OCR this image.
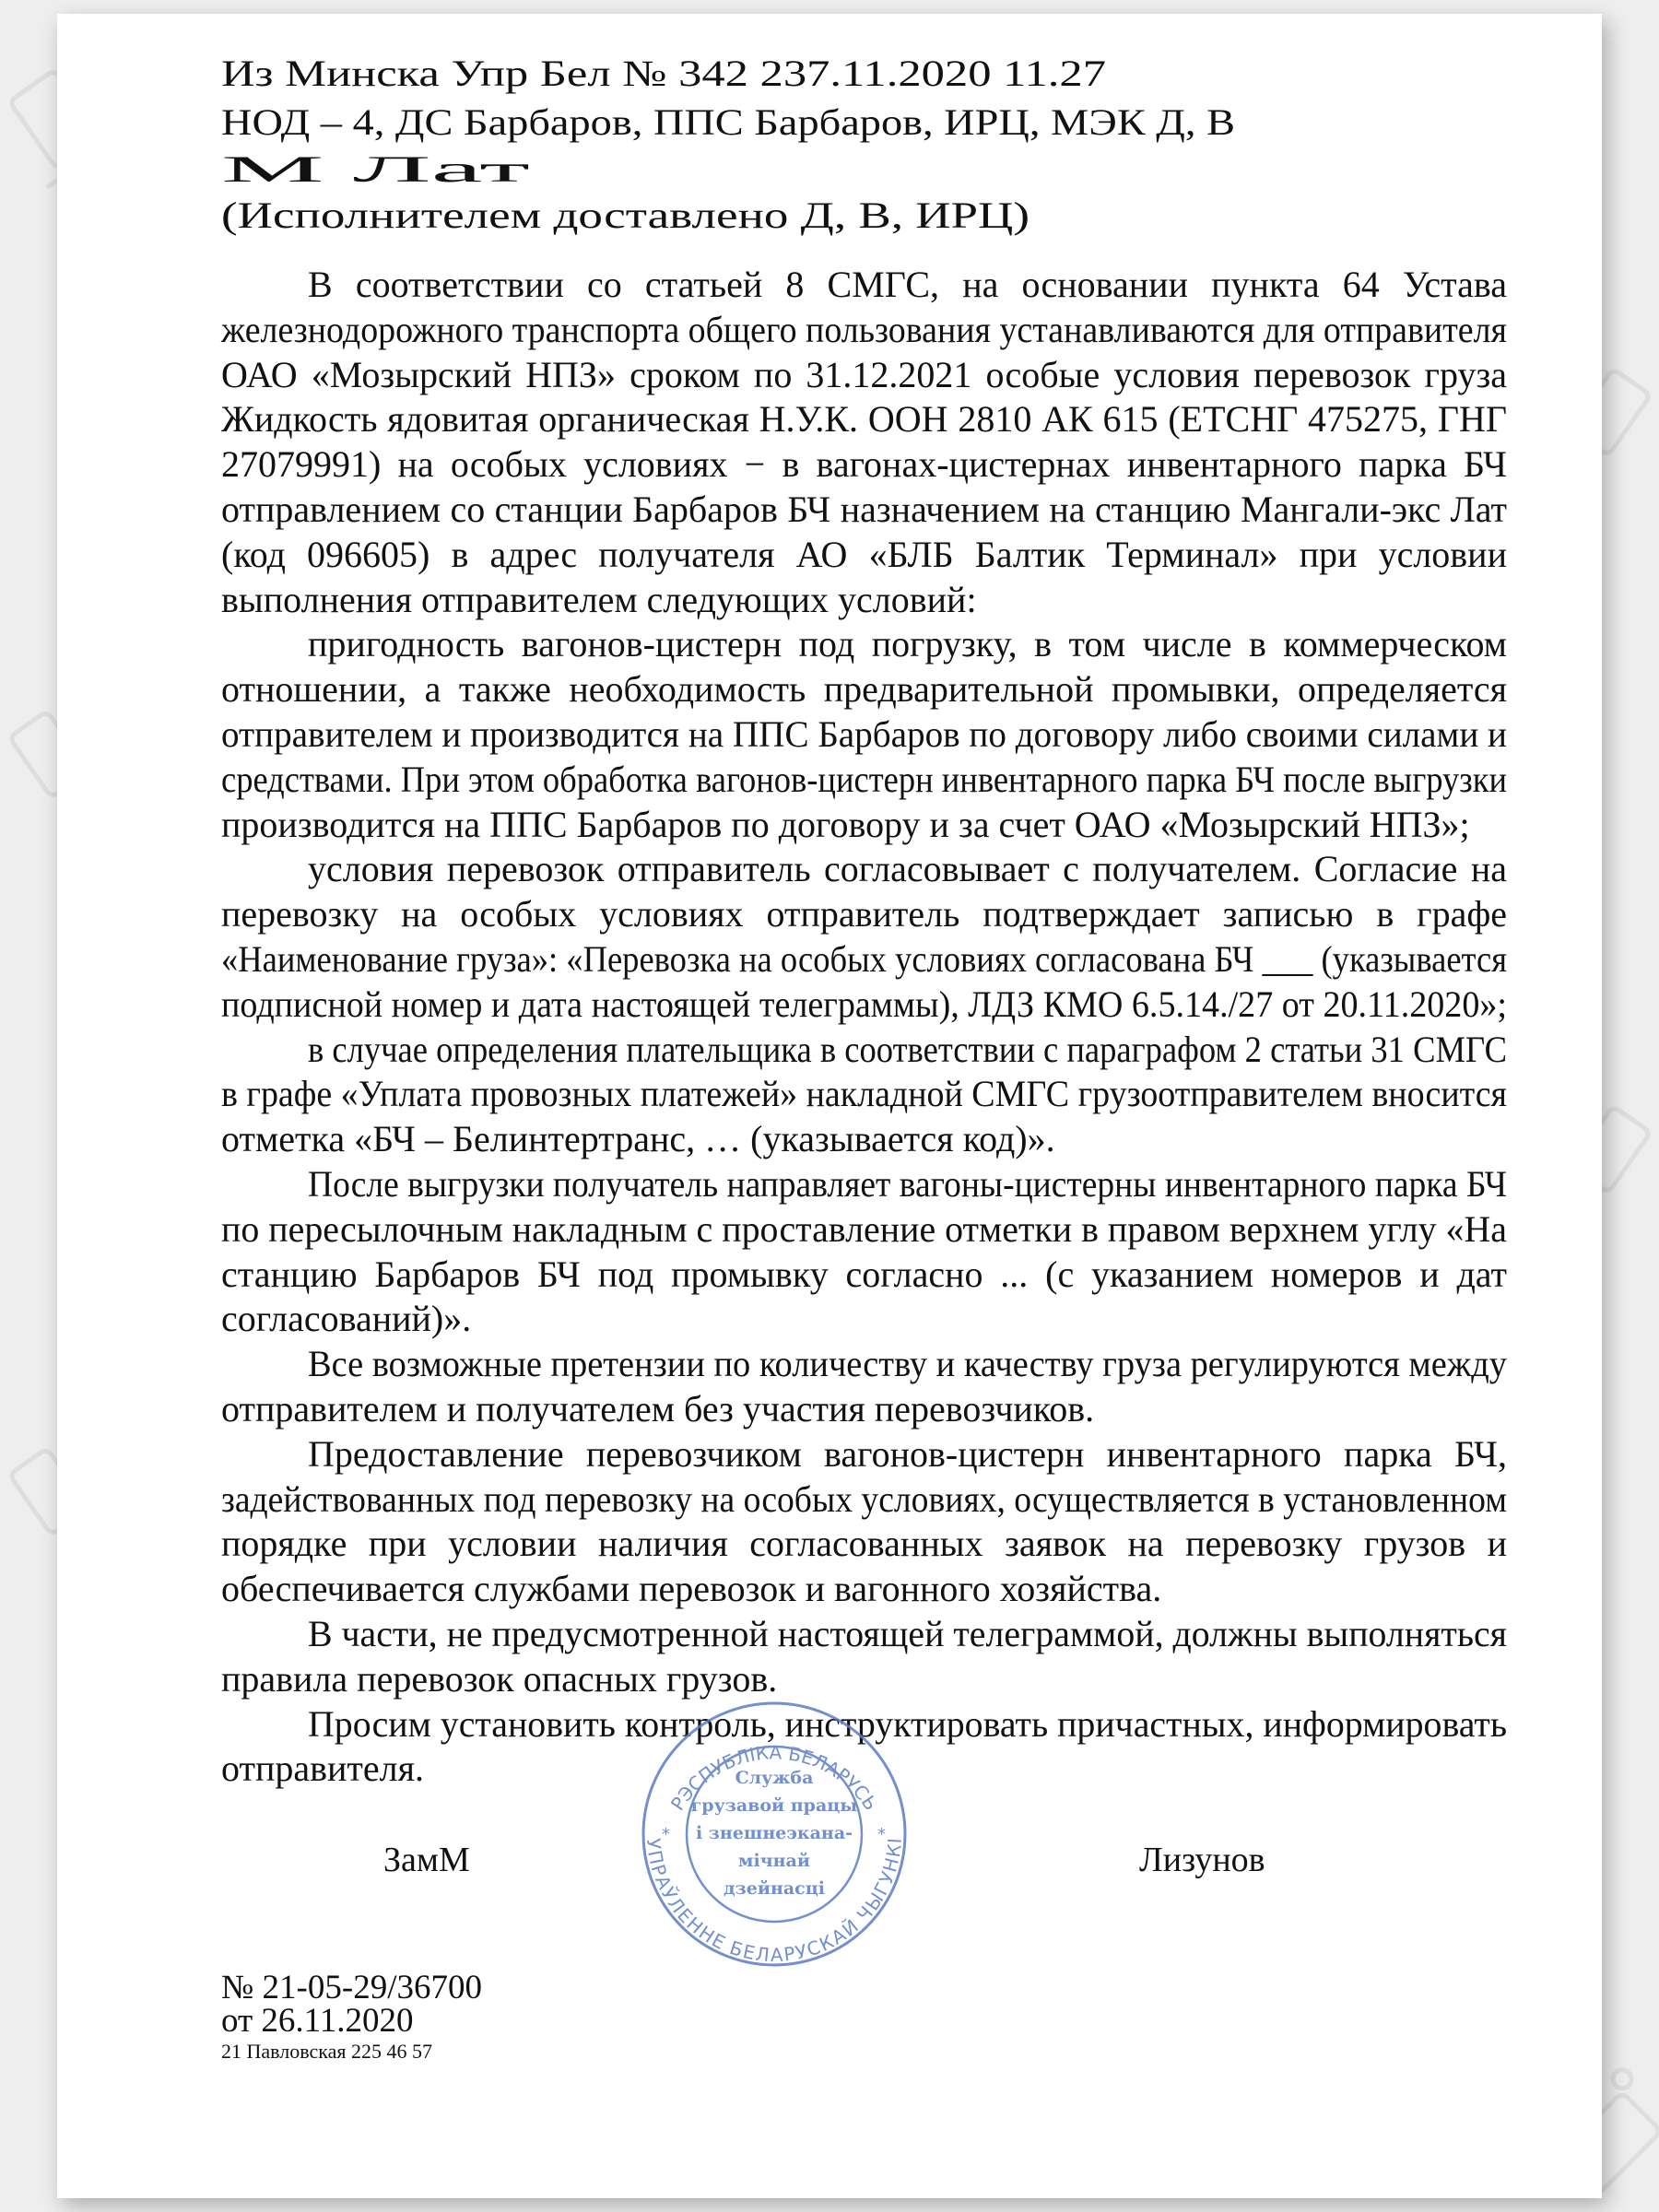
Из Минска Упр Бел № 342 237.11.2020 11.27
НОД – 4, ДС Барбаров, ППС Барбаров, ИРЦ, МЭК Д, В
М Лат
(Исполнителем доставлено Д, В, ИРЦ)
В соответствии со статьей 8 СМГС, на основании пункта 64 Устава
железнодорожного транспорта общего пользования устанавливаются для отправителя
ОАО «Мозырский НПЗ» сроком по 31.12.2021 особые условия перевозок груза
Жидкость ядовитая органическая Н.У.К. ООН 2810 АК 615 (ЕТСНГ 475275, ГНГ
27079991) на особых условиях − в вагонах-цистернах инвентарного парка БЧ
отправлением со станции Барбаров БЧ назначением на станцию Мангали-экс Лат
(код 096605) в адрес получателя АО «БЛБ Балтик Терминал» при условии
выполнения отправителем следующих условий:
пригодность вагонов-цистерн под погрузку, в том числе в коммерческом
отношении, а также необходимость предварительной промывки, определяется
отправителем и производится на ППС Барбаров по договору либо своими силами и
средствами. При этом обработка вагонов-цистерн инвентарного парка БЧ после выгрузки
производится на ППС Барбаров по договору и за счет ОАО «Мозырский НПЗ»;
условия перевозок отправитель согласовывает с получателем. Согласие на
перевозку на особых условиях отправитель подтверждает записью в графе
«Наименование груза»: «Перевозка на особых условиях согласована БЧ ___ (указывается
подписной номер и дата настоящей телеграммы), ЛДЗ КМО 6.5.14./27 от 20.11.2020»;
в случае определения плательщика в соответствии с параграфом 2 статьи 31 СМГС
в графе «Уплата провозных платежей» накладной СМГС грузоотправителем вносится
отметка «БЧ – Белинтертранс, … (указывается код)».
После выгрузки получатель направляет вагоны-цистерны инвентарного парка БЧ
по пересылочным накладным с проставление отметки в правом верхнем углу «На
станцию Барбаров БЧ под промывку согласно ... (с указанием номеров и дат
согласований)».
Все возможные претензии по количеству и качеству груза регулируются между
отправителем и получателем без участия перевозчиков.
Предоставление перевозчиком вагонов-цистерн инвентарного парка БЧ,
задействованных под перевозку на особых условиях, осуществляется в установленном
порядке при условии наличия согласованных заявок на перевозку грузов и
обеспечивается службами перевозок и вагонного хозяйства.
В части, не предусмотренной настоящей телеграммой, должны выполняться
правила перевозок опасных грузов.
Просим установить контроль, инструктировать причастных, информировать
отправителя.
ЗамМ	Лизунов
№ 21-05-29/36700
от 26.11.2020
21 Павловская 225 46 57
РЭСПУБЛІКА БЕЛАРУСЬ
УПРАЎЛЕННЕ БЕЛАРУСКАЙ ЧЫГУНКІ
*	*
Служба
грузавой працы
і знешнеэкана-
мічнай
дзейнасці
